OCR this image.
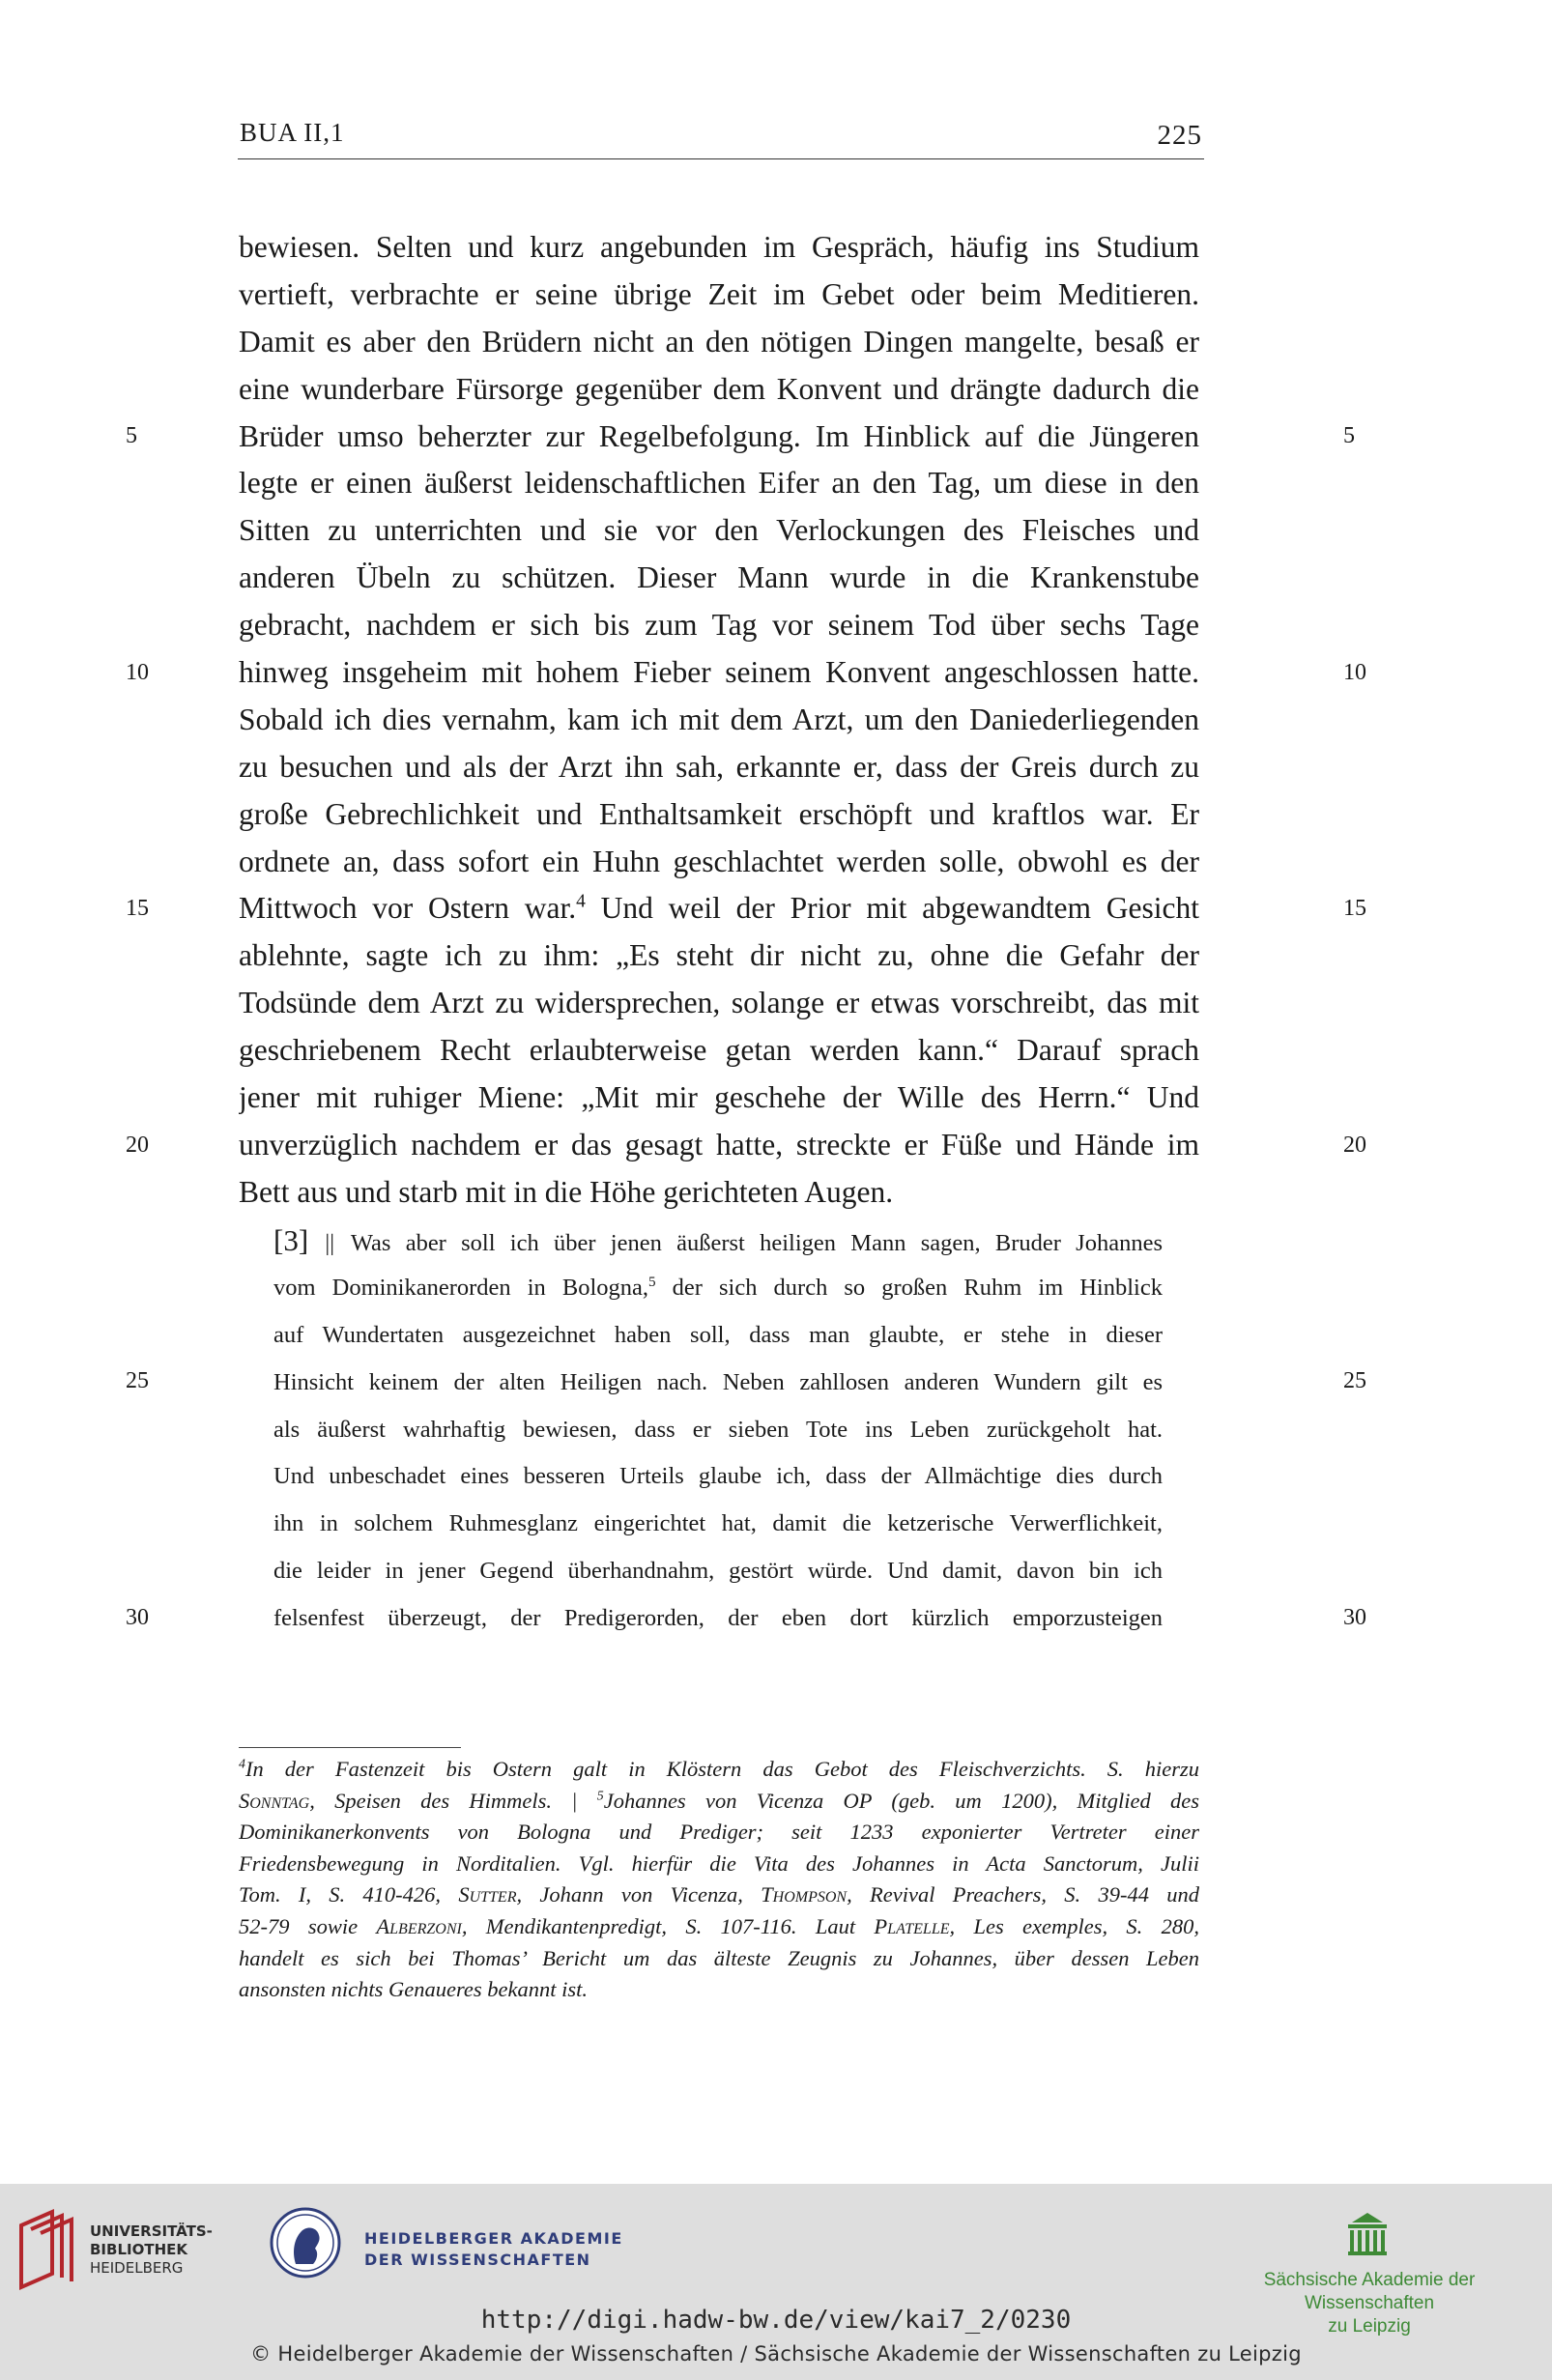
BUA II,1	225
bewiesen. Selten und kurz angebunden im Gespräch, häufig ins Studium
vertieft, verbrachte er seine übrige Zeit im Gebet oder beim Meditieren.
Damit es aber den Brüdern nicht an den nötigen Dingen mangelte, besaß er
eine wunderbare Fürsorge gegenüber dem Konvent und drängte dadurch die
Brüder umso beherzter zur Regelbefolgung. Im Hinblick auf die Jüngeren
legte er einen äußerst leidenschaftlichen Eifer an den Tag, um diese in den
Sitten zu unterrichten und sie vor den Verlockungen des Fleisches und
anderen Übeln zu schützen. Dieser Mann wurde in die Krankenstube
gebracht, nachdem er sich bis zum Tag vor seinem Tod über sechs Tage
hinweg insgeheim mit hohem Fieber seinem Konvent angeschlossen hatte.
Sobald ich dies vernahm, kam ich mit dem Arzt, um den Daniederliegenden
zu besuchen und als der Arzt ihn sah, erkannte er, dass der Greis durch zu
große Gebrechlichkeit und Enthaltsamkeit erschöpft und kraftlos war. Er
ordnete an, dass sofort ein Huhn geschlachtet werden solle, obwohl es der
Mittwoch vor Ostern war.$^4$ Und weil der Prior mit abgewandtem Gesicht
ablehnte, sagte ich zu ihm: „Es steht dir nicht zu, ohne die Gefahr der
Todsünde dem Arzt zu widersprechen, solange er etwas vorschreibt, das mit
geschriebenem Recht erlaubterweise getan werden kann.“ Darauf sprach
jener mit ruhiger Miene: „Mit mir geschehe der Wille des Herrn.“ Und
unverzüglich nachdem er das gesagt hatte, streckte er Füße und Hände im
Bett aus und starb mit in die Höhe gerichteten Augen.
[3] || Was aber soll ich über jenen äußerst heiligen Mann sagen, Bruder Johannes
vom Dominikanerorden in Bologna,$^5$ der sich durch so großen Ruhm im Hinblick
auf Wundertaten ausgezeichnet haben soll, dass man glaubte, er stehe in dieser
Hinsicht keinem der alten Heiligen nach. Neben zahllosen anderen Wundern gilt es
als äußerst wahrhaftig bewiesen, dass er sieben Tote ins Leben zurückgeholt hat.
Und unbeschadet eines besseren Urteils glaube ich, dass der Allmächtige dies durch
ihn in solchem Ruhmesglanz eingerichtet hat, damit die ketzerische Verwerflichkeit,
die leider in jener Gegend überhandnahm, gestört würde. Und damit, davon bin ich
felsenfest überzeugt, der Predigerorden, der eben dort kürzlich emporzusteigen
5	5
10	10
15	15
20	20
25	25
30	30
$^4$In der Fastenzeit bis Ostern galt in Klöstern das Gebot des Fleischverzichts. S. hierzu
Sonntag, Speisen des Himmels. | $^5$Johannes von Vicenza OP (geb. um 1200), Mitglied des
Dominikanerkonvents von Bologna und Prediger; seit 1233 exponierter Vertreter einer
Friedensbewegung in Norditalien. Vgl. hierfür die Vita des Johannes in Acta Sanctorum, Julii
Tom. I, S. 410-426, Sutter, Johann von Vicenza, Thompson, Revival Preachers, S. 39-44 und
52-79 sowie Alberzoni, Mendikantenpredigt, S. 107-116. Laut Platelle, Les exemples, S. 280,
handelt es sich bei Thomas’ Bericht um das älteste Zeugnis zu Johannes, über dessen Leben
ansonsten nichts Genaueres bekannt ist.
UNIVERSITÄTS-
BIBLIOTHEK
HEIDELBERG
HEIDELBERGER AKADEMIE
DER WISSENSCHAFTEN
Sächsische Akademie der Wissenschaften
zu Leipzig
http://digi.hadw-bw.de/view/kai7_2/0230
© Heidelberger Akademie der Wissenschaften / Sächsische Akademie der Wissenschaften zu Leipzig
